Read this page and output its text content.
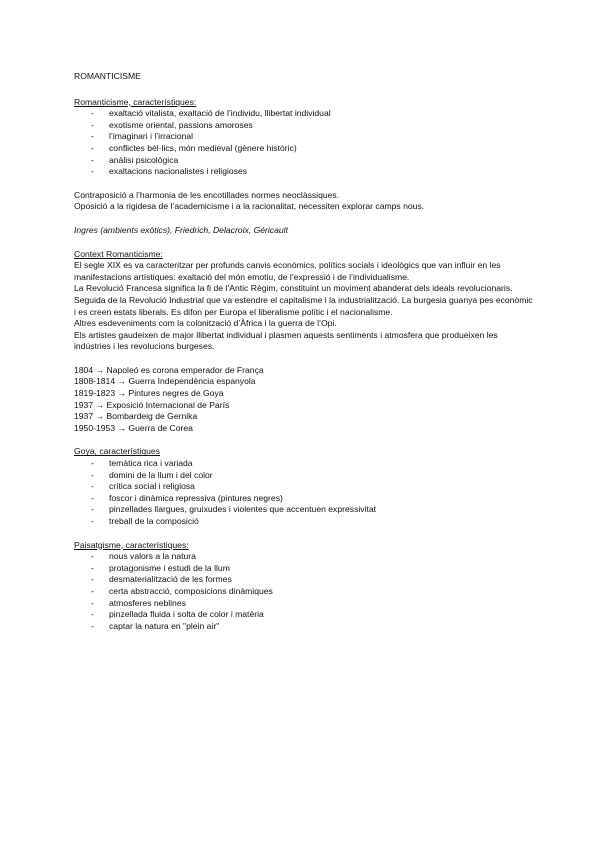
ROMANTICISME

Romanticisme, característiques:

- exaltació vitalista, exaltació de l’individu, llibertat individual
- exotisme oriental, passions amoroses
- l’imaginari i l’irracional
- conflictes bèl·lics, món medieval (gènere històric)
- anàlisi psicològica
- exaltacions nacionalistes i religioses

Contraposició a l’harmonia de les encotillades normes neoclàssiques.

Oposició a la rigidesa de l’academicisme i a la racionalitat, necessiten explorar camps nous.

Ingres (ambients exòtics), Friedrich, Delacroix, Géricault

Context Romanticisme:

El segle XIX es va caracteritzar per profunds canvis econòmics, polítics socials i ideològics que van influir en les manifestacions artístiques: exaltació del món emotiu, de l’expressió i de l’individualisme.

La Revolució Francesa significa la fi de l’Antic Règim, constituint un moviment abanderat dels ideals revolucionaris. Seguida de la Revolució Industrial que va estendre el capitalisme i la industrialització. La burgesia guanya pes econòmic i es creen estats liberals. Es difon per Europa el liberalisme polític i el nacionalisme.

Altres esdeveniments com la colonització d’Àfrica i la guerra de l’Opi.

Els artistes gaudeixen de major llibertat individual i plasmen aquests sentiments i atmosfera que produeixen les indústries i les revolucions burgeses.

1804 → Napoleó es corona emperador de França
1808-1814 → Guerra Independència espanyola
1819-1823 → Pintures negres de Goya
1937 → Exposició Internacional de París
1937 → Bombardeig de Gernika
1950-1953 → Guerra de Corea

Goya, característiques

- temàtica rica i variada
- domini de la llum i del color
- crítica social i religiosa
- foscor i dinàmica repressiva (pintures negres)
- pinzellades llargues, gruixudes i violentes que accentuen expressivitat
- treball de la composició

Paisatgisme, característiques:

- nous valors a la natura
- protagonisme i estudi de la llum
- desmaterialització de les formes
- certa abstracció, composicions dinàmiques
- atmosferes neblines
- pinzellada fluida i solta de color i matèria
- captar la natura en "plein air"
